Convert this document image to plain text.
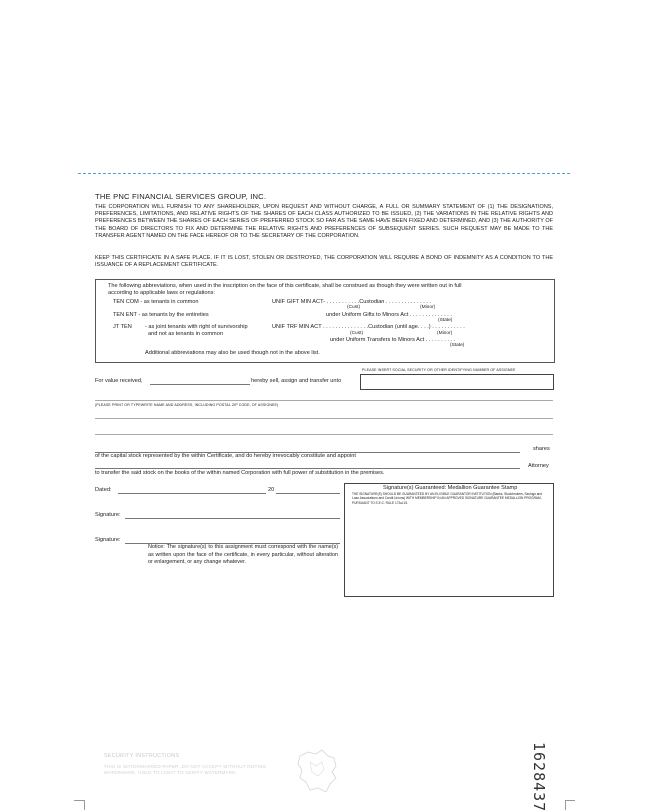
THE PNC FINANCIAL SERVICES GROUP, INC.
THE CORPORATION WILL FURNISH TO ANY SHAREHOLDER, UPON REQUEST AND WITHOUT CHARGE, A FULL OR SUMMARY STATEMENT OF (1) THE DESIGNATIONS, PREFERENCES, LIMITATIONS, AND RELATIVE RIGHTS OF THE SHARES OF EACH CLASS AUTHORIZED TO BE ISSUED, (2) THE VARIATIONS IN THE RELATIVE RIGHTS AND PREFERENCES BETWEEN THE SHARES OF EACH SERIES OF PREFERRED STOCK SO FAR AS THE SAME HAVE BEEN FIXED AND DETERMINED, AND (3) THE AUTHORITY OF THE BOARD OF DIRECTORS TO FIX AND DETERMINE THE RELATIVE RIGHTS AND PREFERENCES OF SUBSEQUENT SERIES. SUCH REQUEST MAY BE MADE TO THE TRANSFER AGENT NAMED ON THE FACE HEREOF OR TO THE SECRETARY OF THE CORPORATION.
KEEP THIS CERTIFICATE IN A SAFE PLACE. IF IT IS LOST, STOLEN OR DESTROYED, THE CORPORATION WILL REQUIRE A BOND OF INDEMNITY AS A CONDITION TO THE ISSUANCE OF A REPLACEMENT CERTIFICATE.
The following abbreviations, when used in the inscription on the face of this certificate, shall be construed as though they were written out in full
according to applicable laws or regulations:
TEN COM - as tenants in common
TEN ENT - as tenants by the entireties
JT TEN - as joint tenants with right of survivorship
and not as tenants in common
UNIF GIFT MIN ACT- . . . . . . . . . . .Custodian . . . . . . . . . . . . . . .
(Cust)	(Minor)
under Uniform Gifts to Minors Act . . . . . . . . . . . . . .
(State)
UNIF TRF MIN ACT . . . . . . . . . . . . . . .Custodian (until age. . . .) . . . . . . . . . . .
(Cust)	(Minor)
under Uniform Transfers to Minors Act . . . . . . . . . .
(State)
Additional abbreviations may also be used though not in the above list.
PLEASE INSERT SOCIAL SECURITY OR OTHER IDENTIFYING NUMBER OF ASSIGNEE
For value received,	hereby sell, assign and transfer unto
(PLEASE PRINT OR TYPEWRITE NAME AND ADDRESS, INCLUDING POSTAL ZIP CODE, OF ASSIGNEE)
shares
of the capital stock represented by the within Certificate, and do hereby irrevocably constitute and appoint
Attorney
to transfer the said stock on the books of the within named Corporation with full power of substitution in the premises.
Dated:	20
Signature:
Signature:
Notice: The signature(s) to this assignment must correspond with the name(s) as written upon the face of the certificate, in every particular, without alteration or enlargement, or any change whatever.
Signature(s) Guaranteed: Medallion Guarantee Stamp
THE SIGNATURE(S) SHOULD BE GUARANTEED BY AN ELIGIBLE GUARANTOR INSTITUTION (Banks, Stockbrokers, Savings and Loan Associations and Credit Unions) WITH MEMBERSHIP IN AN APPROVED SIGNATURE GUARANTEE MEDALLION PROGRAM, PURSUANT TO S.E.C. RULE 17Ad-15.
1628437
SECURITY INSTRUCTIONS
THIS IS WATERMARKED PAPER, DO NOT ACCEPT WITHOUT NOTING WATERMARK. HOLD TO LIGHT TO VERIFY WATERMARK.
